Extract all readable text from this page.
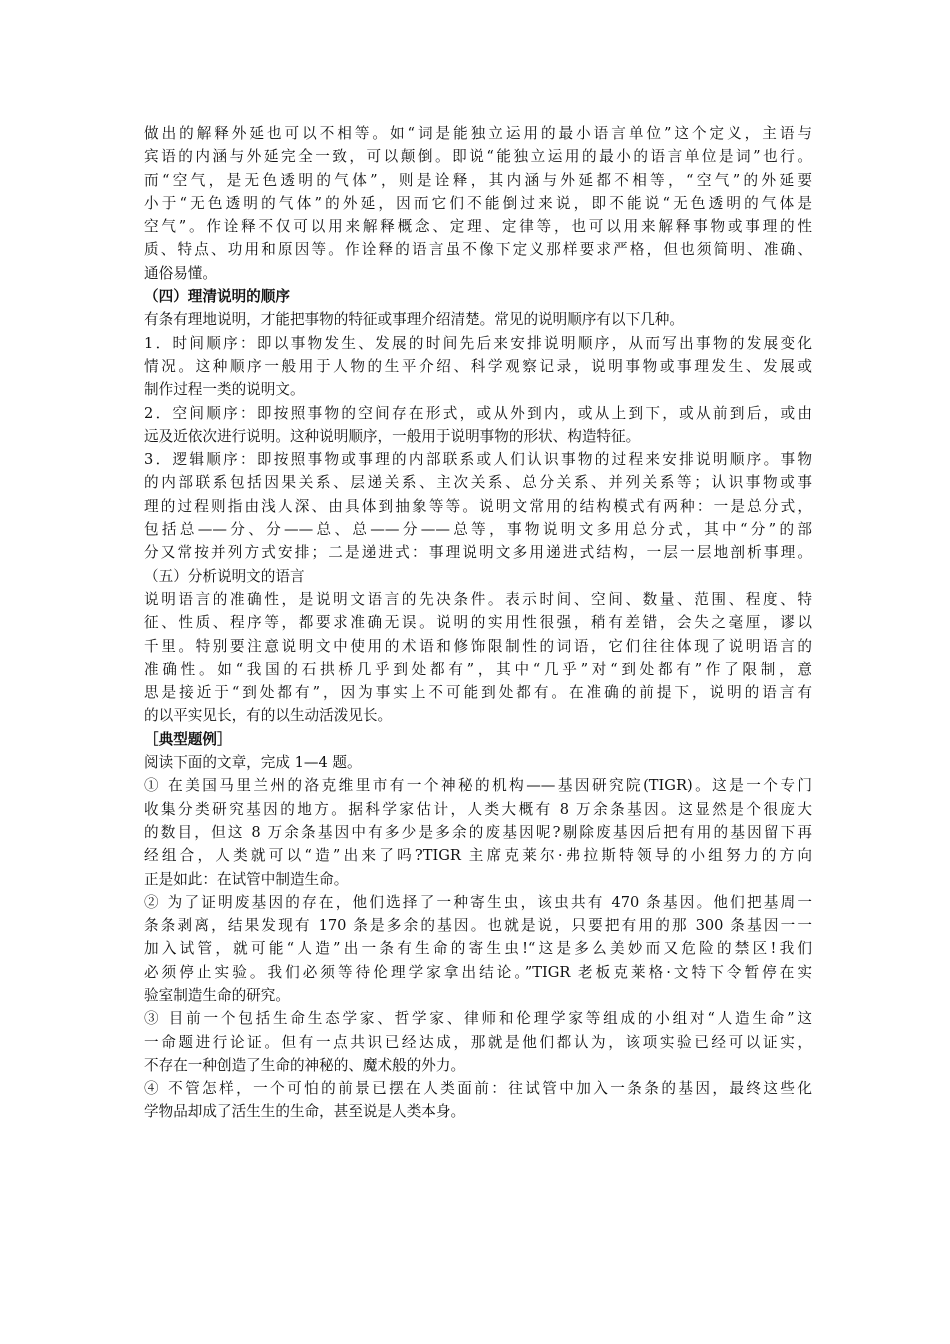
做出的解释外延也可以不相等。如“词是能独立运用的最小语言单位”这个定义，主语与
宾语的内涵与外延完全一致，可以颠倒。即说“能独立运用的最小的语言单位是词”也行。
而“空气，是无色透明的气体”，则是诠释，其内涵与外延都不相等，“空气”的外延要
小于“无色透明的气体”的外延，因而它们不能倒过来说，即不能说“无色透明的气体是
空气”。作诠释不仅可以用来解释概念、定理、定律等，也可以用来解释事物或事理的性
质、特点、功用和原因等。作诠释的语言虽不像下定义那样要求严格，但也须简明、准确、
通俗易懂。
（四）理清说明的顺序
有条有理地说明，才能把事物的特征或事理介绍清楚。常见的说明顺序有以下几种。
1．时间顺序：即以事物发生、发展的时间先后来安排说明顺序，从而写出事物的发展变化
情况。这种顺序一般用于人物的生平介绍、科学观察记录，说明事物或事理发生、发展或
制作过程一类的说明文。
2．空间顺序：即按照事物的空间存在形式，或从外到内，或从上到下，或从前到后，或由
远及近依次进行说明。这种说明顺序，一般用于说明事物的形状、构造特征。
3．逻辑顺序：即按照事物或事理的内部联系或人们认识事物的过程来安排说明顺序。事物
的内部联系包括因果关系、层递关系、主次关系、总分关系、并列关系等；认识事物或事
理的过程则指由浅人深、由具体到抽象等等。说明文常用的结构模式有两种：一是总分式，
包括总——分、分——总、总——分——总等，事物说明文多用总分式，其中“分”的部
分又常按并列方式安排；二是递进式：事理说明文多用递进式结构，一层一层地剖析事理。
（五）分析说明文的语言
说明语言的准确性，是说明文语言的先决条件。表示时间、空间、数量、范围、程度、特
征、性质、程序等，都要求准确无误。说明的实用性很强，稍有差错，会失之毫厘，谬以
千里。特别要注意说明文中使用的术语和修饰限制性的词语，它们往往体现了说明语言的
准确性。如“我国的石拱桥几乎到处都有”，其中“几乎”对“到处都有”作了限制，意
思是接近于“到处都有”，因为事实上不可能到处都有。在准确的前提下，说明的语言有
的以平实见长，有的以生动活泼见长。
［典型题例］
阅读下面的文章，完成 1—4 题。
① 在美国马里兰州的洛克维里市有一个神秘的机构——基因研究院(TIGR)。这是一个专门
收集分类研究基因的地方。据科学家估计，人类大概有 8 万余条基因。这显然是个很庞大
的数目，但这 8 万余条基因中有多少是多余的废基因呢?剔除废基因后把有用的基因留下再
经组合，人类就可以“造”出来了吗?TIGR 主席克莱尔·弗拉斯特领导的小组努力的方向
正是如此：在试管中制造生命。
② 为了证明废基因的存在，他们选择了一种寄生虫，该虫共有 470 条基因。他们把基周一
条条剥离，结果发现有 170 条是多余的基因。也就是说，只要把有用的那 300 条基因一一
加入试管，就可能“人造”出一条有生命的寄生虫!“这是多么美妙而又危险的禁区!我们
必须停止实验。我们必须等待伦理学家拿出结论。”TIGR 老板克莱格·文特下令暂停在实
验室制造生命的研究。
③ 目前一个包括生命生态学家、哲学家、律师和伦理学家等组成的小组对“人造生命”这
一命题进行论证。但有一点共识已经达成，那就是他们都认为，该项实验已经可以证实，
不存在一种创造了生命的神秘的、魔术般的外力。
④ 不管怎样，一个可怕的前景已摆在人类面前：往试管中加入一条条的基因，最终这些化
学物品却成了活生生的生命，甚至说是人类本身。
